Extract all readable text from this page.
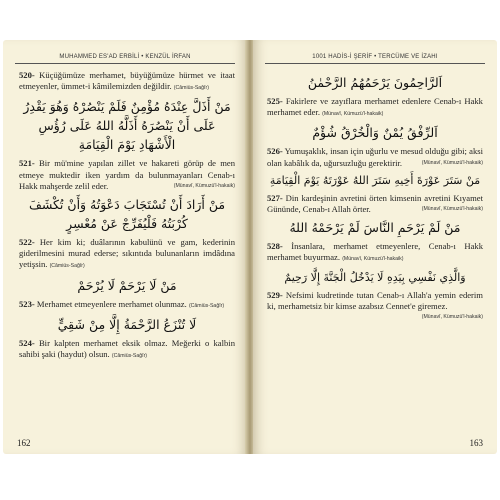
MUHAMMED ES'AD ERBİLİ • KENZÜL İRFAN

520- Küçüğümüze merhamet, büyüğümüze hürmet ve itaat etmeyenler, ümmet-i kâmilemizden değildir. (Câmiüs-Sağîr)

مَنْ أَذَلَّ عِنْدَهُ مُؤْمِنٌ فَلَمْ يَنْصُرْهُ وَهُوَ يَقْدِرُ عَلَى أَنْ يَنْصُرَهُ أَذَلَّهُ اللهُ عَلَى رُؤُسِ الْأَشْهَادِ يَوْمَ الْقِيَامَةِ

521- Bir mü'mine yapılan zillet ve hakareti görüp de men etmeye muktedir iken yardım da bulunmayanları Cenab-ı Hakk mahşerde zelil eder.	(Münavî, Kümuzü'l-hakaik)

مَنْ أَرَادَ أَنْ تُسْتَجَابَ دَعْوَتُهُ وَأَنْ تُكْشَفَ كُرْبَتُهُ فَلْيُفَرِّجْ عَنْ مُعْسِرٍ

522- Her kim ki; duâlarının kabulünü ve gam, kederinin giderilmesini murad ederse; sıkıntıda bulunanların imdâdına yetişsin. (Câmiüs-Sağîr)

مَنْ لَا يَرْحَمْ لَا يُرْحَمْ

523- Merhamet etmeyenlere merhamet olunmaz. (Câmiüs-Sağîr)

لَا تُنْزَعُ الرَّحْمَةُ إِلَّا مِنْ شَقِيٍّ

524- Bir kalpten merhamet eksik olmaz. Meğerki o kalbin sahibi şaki (haydut) olsun. (Câmiüs-Sağîr)

162
1001 HADİS-İ ŞERİF • TERCÜME VE İZAHI
اَلرَّاحِمُونَ يَرْحَمُهُمُ الرَّحْمٰنُ

525- Fakirlere ve zayıflara merhamet edenlere Cenab-ı Hakk merhamet eder. (Münavî, Kümuzü'l-hakaik)

اَلرِّفْقُ يُمْنٌ وَالْخُرْقُ شُؤْمٌ

526- Yumuşaklık, insan için uğurlu ve mesud olduğu gibi; aksi olan kabâlık da, uğursuzluğu gerektirir.	(Münavî, Kümuzü'l-hakaik)

مَنْ سَتَرَ عَوْرَةَ أَخِيهِ سَتَرَ اللهُ عَوْرَتَهُ يَوْمَ الْقِيَامَةِ

527- Din kardeşinin avretini örten kimsenin avretini Kıyamet Gününde, Cenab-ı Allah örter.	(Münavî, Kümuzü'l-hakaik)

مَنْ لَمْ يَرْحَمِ النَّاسَ لَمْ يَرْحَمْهُ اللهُ

528- İnsanlara, merhamet etmeyenlere, Cenab-ı Hakk merhamet buyurmaz. (Münavî, Kümuzü'l-hakaik)

وَالَّذِي نَفْسِي بِيَدِهِ لَا يَدْخُلُ الْجَنَّةَ إِلَّا رَحِيمٌ

529- Nefsimi kudretinde tutan Cenab-ı Allah'a yemin ederim ki, merhametsiz bir kimse azabsız Cennet'e giremez.
(Münavî, Kümuzü'l-hakaik)

163
